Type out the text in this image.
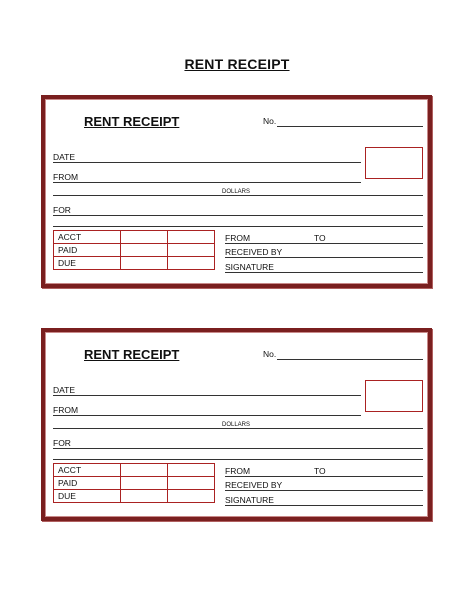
RENT RECEIPT
RENT RECEIPT	No.
DATE
FROM
DOLLARS
FOR
ACCT		
PAID		
DUE		
FROM	TO
RECEIVED BY
SIGNATURE
RENT RECEIPT	No.
DATE
FROM
DOLLARS
FOR
ACCT		
PAID		
DUE		
FROM	TO
RECEIVED BY
SIGNATURE
